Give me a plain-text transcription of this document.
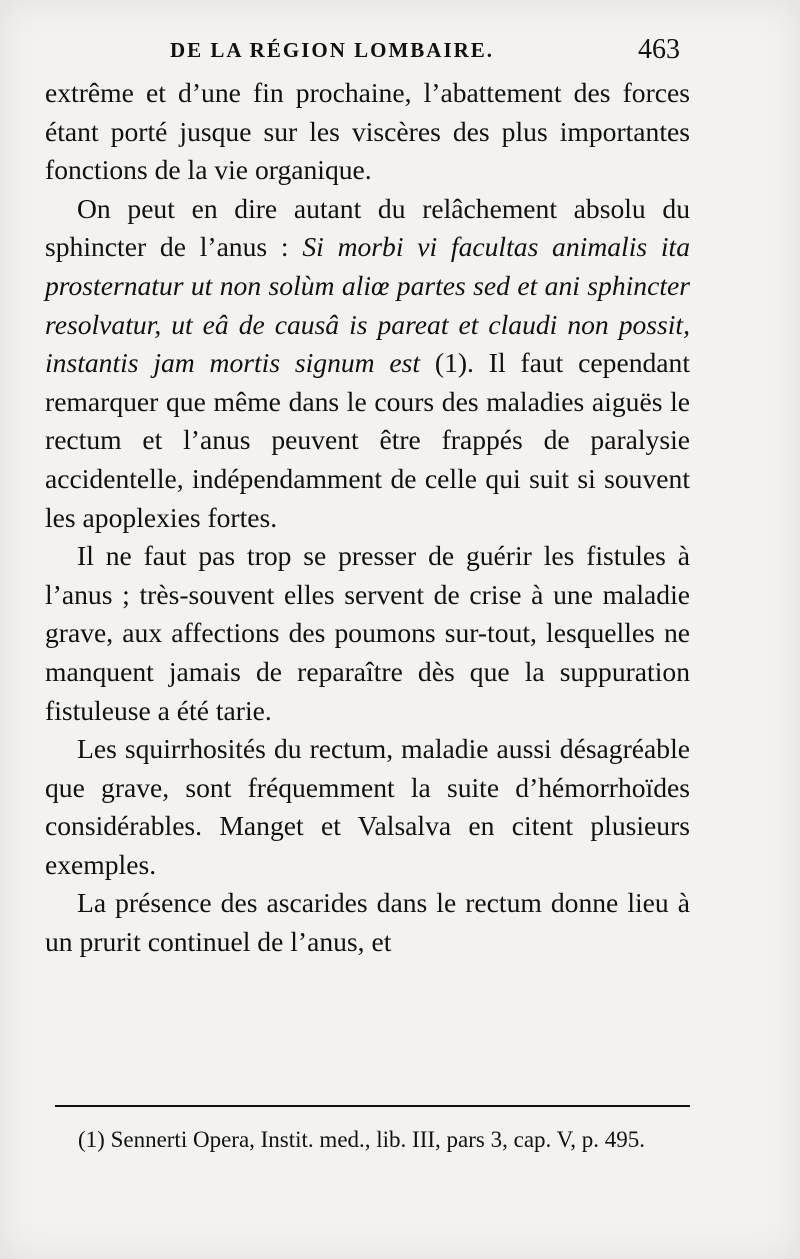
DE LA RÉGION LOMBAIRE.	463

extrême et d’une fin prochaine, l’abattement des forces étant porté jusque sur les viscères des plus importantes fonctions de la vie organique.

On peut en dire autant du relâchement absolu du sphincter de l’anus : Si morbi vi facultas animalis ita prosternatur ut non solùm aliœ partes sed et ani sphincter resolvatur, ut eâ de causâ is pareat et claudi non possit, instantis jam mortis signum est (1). Il faut cependant remarquer que même dans le cours des maladies aiguës le rectum et l’anus peuvent être frappés de paralysie accidentelle, indépendamment de celle qui suit si souvent les apoplexies fortes.

Il ne faut pas trop se presser de guérir les fistules à l’anus ; très-souvent elles servent de crise à une maladie grave, aux affections des poumons sur-tout, lesquelles ne manquent jamais de reparaître dès que la suppuration fistuleuse a été tarie.

Les squirrhosités du rectum, maladie aussi désagréable que grave, sont fréquemment la suite d’hémorrhoïdes considérables. Manget et Valsalva en citent plusieurs exemples.

La présence des ascarides dans le rectum donne lieu à un prurit continuel de l’anus, et

(1) Sennerti Opera, Instit. med., lib. III, pars 3, cap. V, p. 495.
